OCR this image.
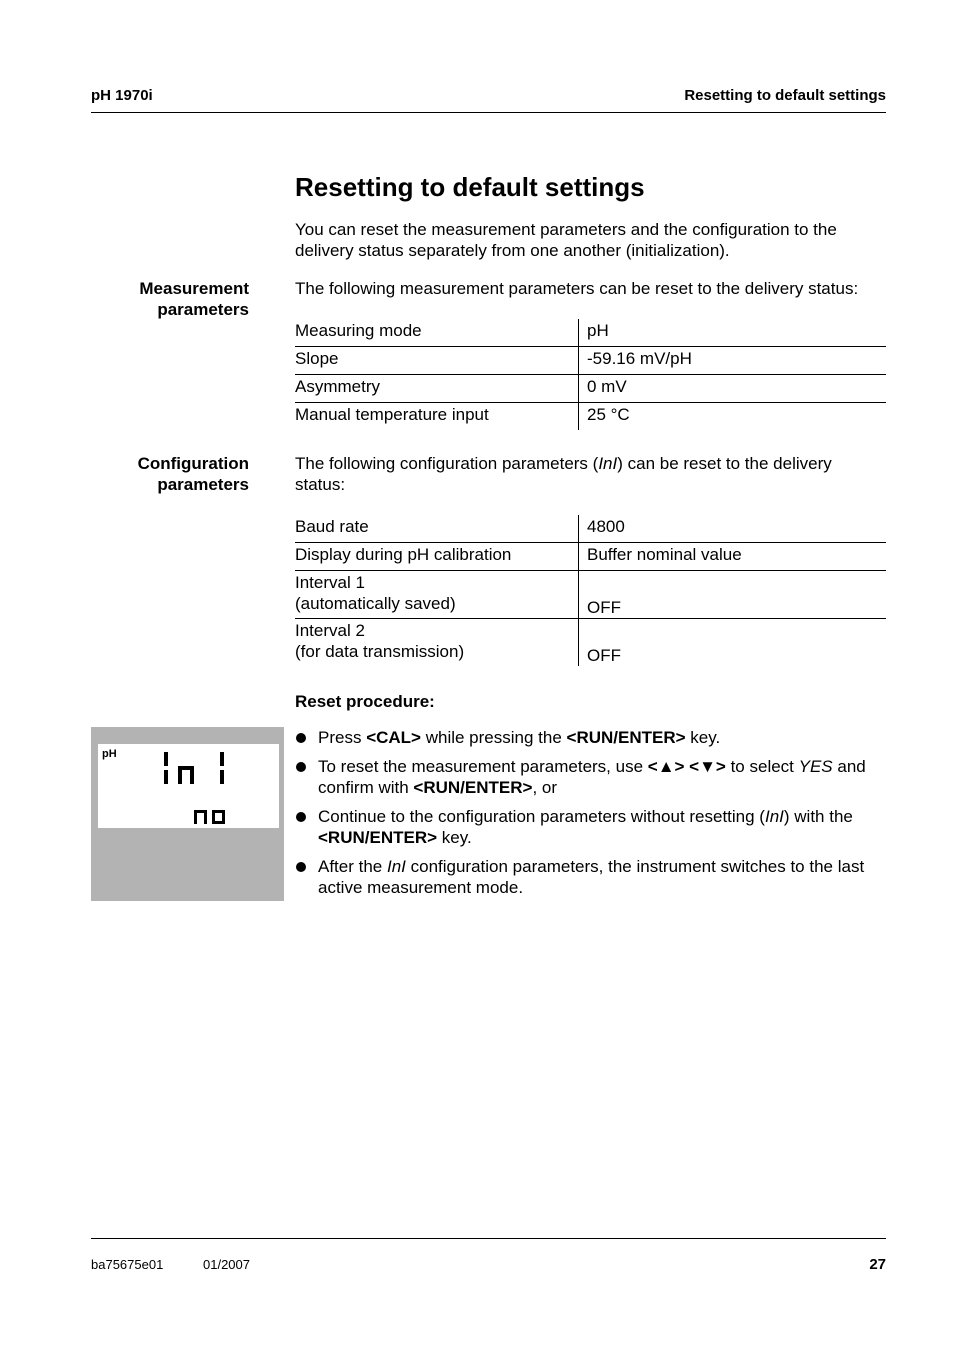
pH 1970i	Resetting to default settings
Resetting to default settings
You can reset the measurement parameters and the configuration to the delivery status separately from one another (initialization).
Measurement
parameters
The following measurement parameters can be reset to the delivery status:
Measuring mode	pH
Slope	-59.16 mV/pH
Asymmetry	0 mV
Manual temperature input	25 °C
Configuration
parameters
The following configuration parameters (InI) can be reset to the delivery status:
Baud rate	4800
Display during pH calibration	Buffer nominal value

Interval 1
(automatically saved)	OFF

Interval 2
(for data transmission)	OFF
Reset procedure:
pH
Press <CAL> while pressing the <RUN/ENTER> key.
To reset the measurement parameters, use <▲> <▼> to select YES and confirm with <RUN/ENTER>, or
Continue to the configuration parameters without resetting (InI) with the <RUN/ENTER> key.
After the InI configuration parameters, the instrument switches to the last active measurement mode.
ba75675e01	01/2007	27
